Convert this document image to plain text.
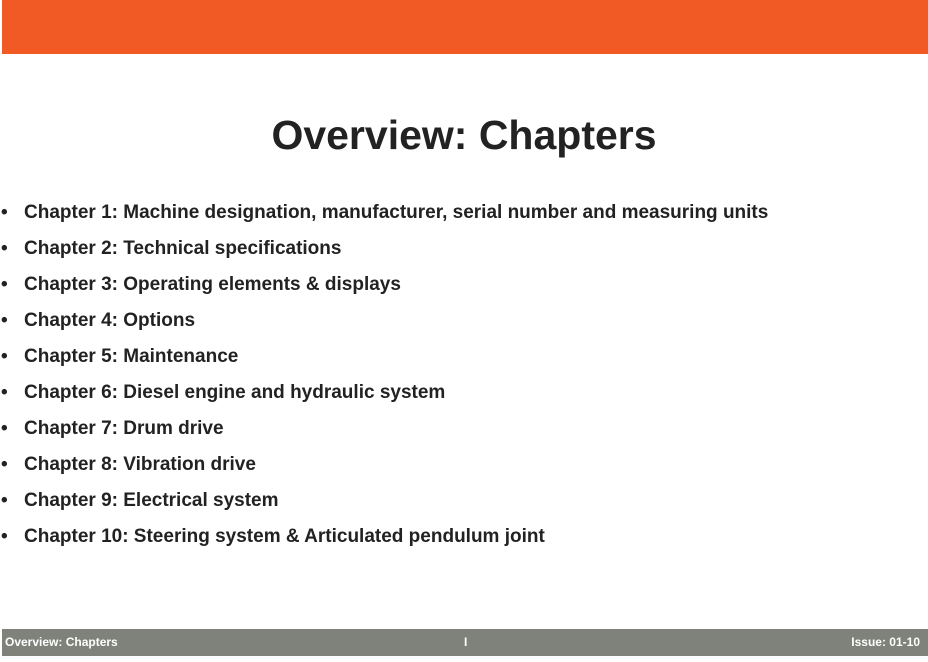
Overview: Chapters
• Chapter 1: Machine designation, manufacturer, serial number and measuring units
• Chapter 2: Technical specifications
• Chapter 3: Operating elements & displays
• Chapter 4: Options
• Chapter 5: Maintenance
• Chapter 6: Diesel engine and hydraulic system
• Chapter 7: Drum drive
• Chapter 8: Vibration drive
• Chapter 9: Electrical system
• Chapter 10: Steering system & Articulated pendulum joint
Overview: Chapters	I	Issue: 01-10
